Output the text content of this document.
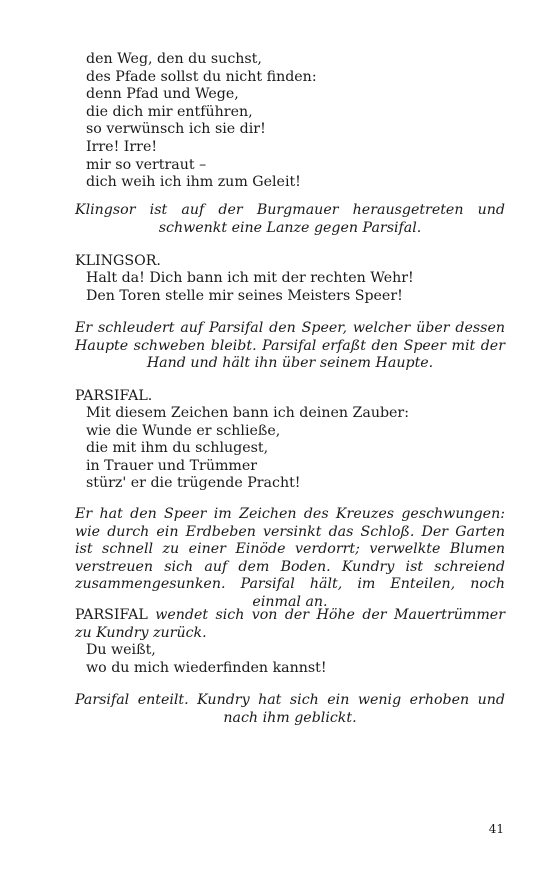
den Weg, den du suchst,
des Pfade sollst du nicht finden:
denn Pfad und Wege,
die dich mir entführen,
so verwünsch ich sie dir!
Irre! Irre!
mir so vertraut –
dich weih ich ihm zum Geleit!
Klingsor ist auf der Burgmauer herausgetreten und schwenkt eine Lanze gegen Parsifal.
KLINGSOR.
Halt da! Dich bann ich mit der rechten Wehr!
Den Toren stelle mir seines Meisters Speer!
Er schleudert auf Parsifal den Speer, welcher über dessen Haupte schweben bleibt. Parsifal erfaßt den Speer mit der Hand und hält ihn über seinem Haupte.
PARSIFAL.
Mit diesem Zeichen bann ich deinen Zauber:
wie die Wunde er schließe,
die mit ihm du schlugest,
in Trauer und Trümmer
stürz' er die trügende Pracht!
Er hat den Speer im Zeichen des Kreuzes geschwungen: wie durch ein Erdbeben versinkt das Schloß. Der Garten ist schnell zu einer Einöde verdorrt; verwelkte Blumen verstreuen sich auf dem Boden. Kundry ist schreiend zusammengesunken. Parsifal hält, im Enteilen, noch einmal an.
PARSIFAL wendet sich von der Höhe der Mauertrümmer zu Kundry zurück.
Du weißt,
wo du mich wiederfinden kannst!
Parsifal enteilt. Kundry hat sich ein wenig erhoben und nach ihm geblickt.
41
